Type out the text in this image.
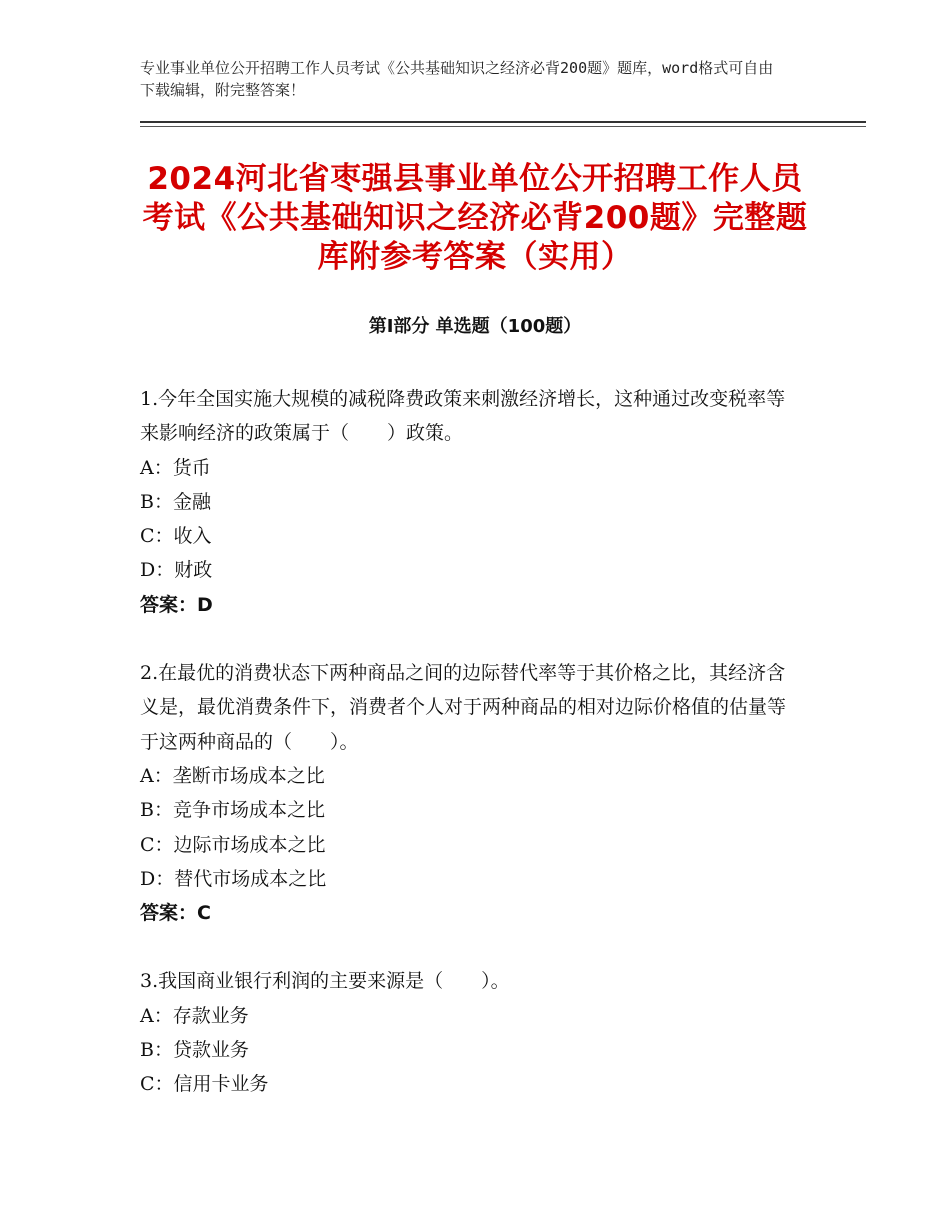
专业事业单位公开招聘工作人员考试《公共基础知识之经济必背200题》题库，word格式可自由下载编辑，附完整答案！
2024河北省枣强县事业单位公开招聘工作人员考试《公共基础知识之经济必背200题》完整题库附参考答案（实用）
第Ⅰ部分 单选题（100题）
1.今年全国实施大规模的减税降费政策来刺激经济增长，这种通过改变税率等来影响经济的政策属于（　　）政策。
A：货币
B：金融
C：收入
D：财政
答案：D
2.在最优的消费状态下两种商品之间的边际替代率等于其价格之比，其经济含义是，最优消费条件下，消费者个人对于两种商品的相对边际价格值的估量等于这两种商品的（　　）。
A：垄断市场成本之比
B：竞争市场成本之比
C：边际市场成本之比
D：替代市场成本之比
答案：C
3.我国商业银行利润的主要来源是（　　）。
A：存款业务
B：贷款业务
C：信用卡业务
